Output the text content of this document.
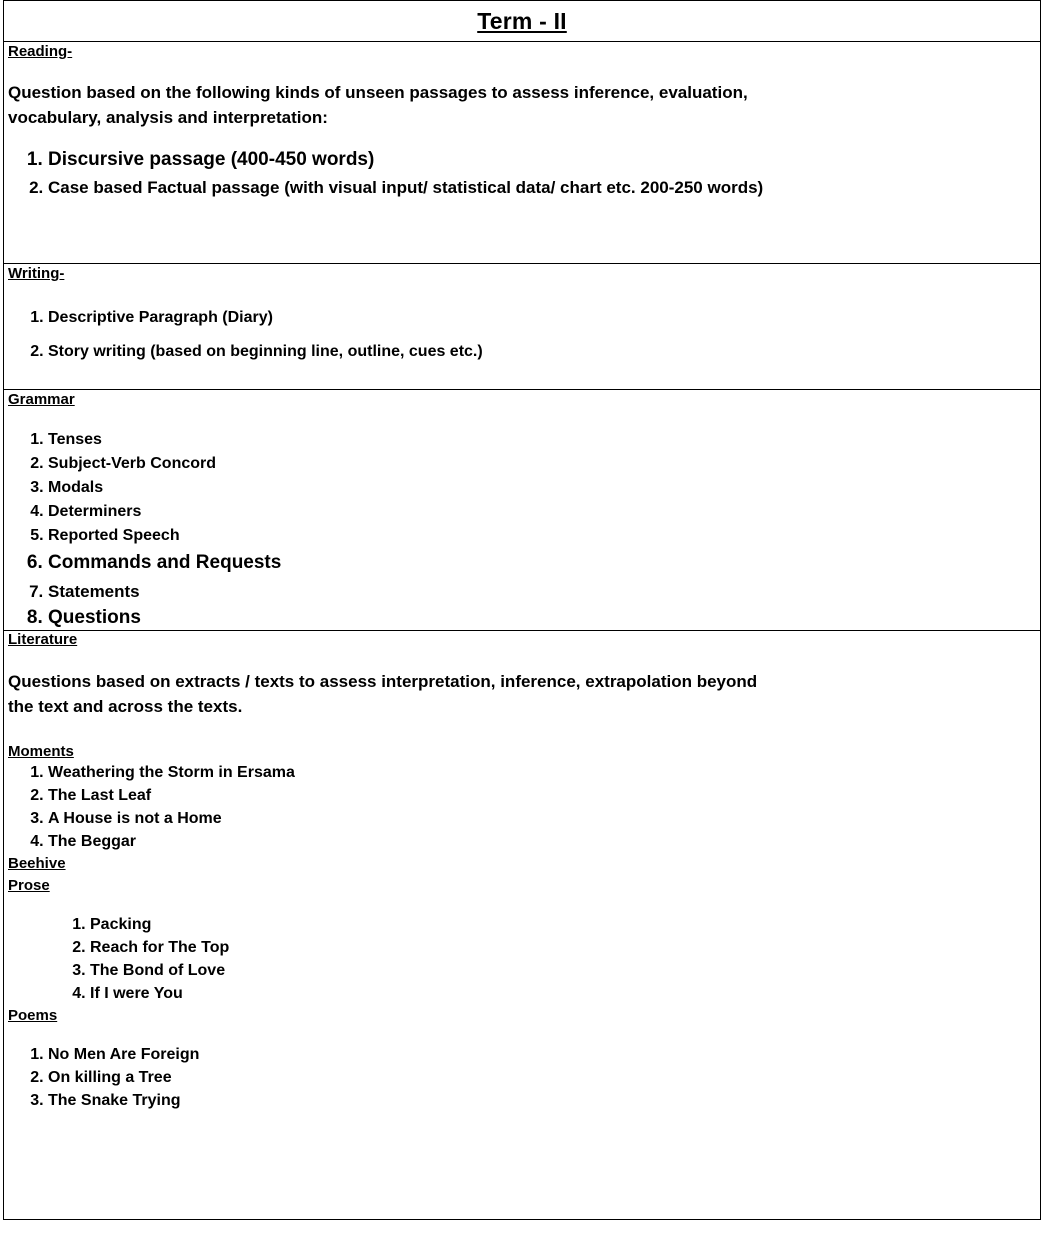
Term - II

Reading-

Question based on the following kinds of unseen passages to assess inference, evaluation,

vocabulary, analysis and interpretation:

1. Discursive passage (400-450 words)
2. Case based Factual passage (with visual input/ statistical data/ chart etc. 200-250 words)

Writing-

1. Descriptive Paragraph (Diary)
2. Story writing (based on beginning line, outline, cues etc.)

Grammar

1. Tenses
2. Subject-Verb Concord
3. Modals
4. Determiners
5. Reported Speech
6. Commands and Requests
7. Statements
8. Questions

Literature

Questions based on extracts / texts to assess interpretation, inference, extrapolation beyond

the text and across the texts.

Moments

1. Weathering the Storm in Ersama
2. The Last Leaf
3. A House is not a Home
4. The Beggar

Beehive

Prose

1. Packing
2. Reach for The Top
3. The Bond of Love
4. If I were You

Poems

1. No Men Are Foreign
2. On killing a Tree
3. The Snake Trying
